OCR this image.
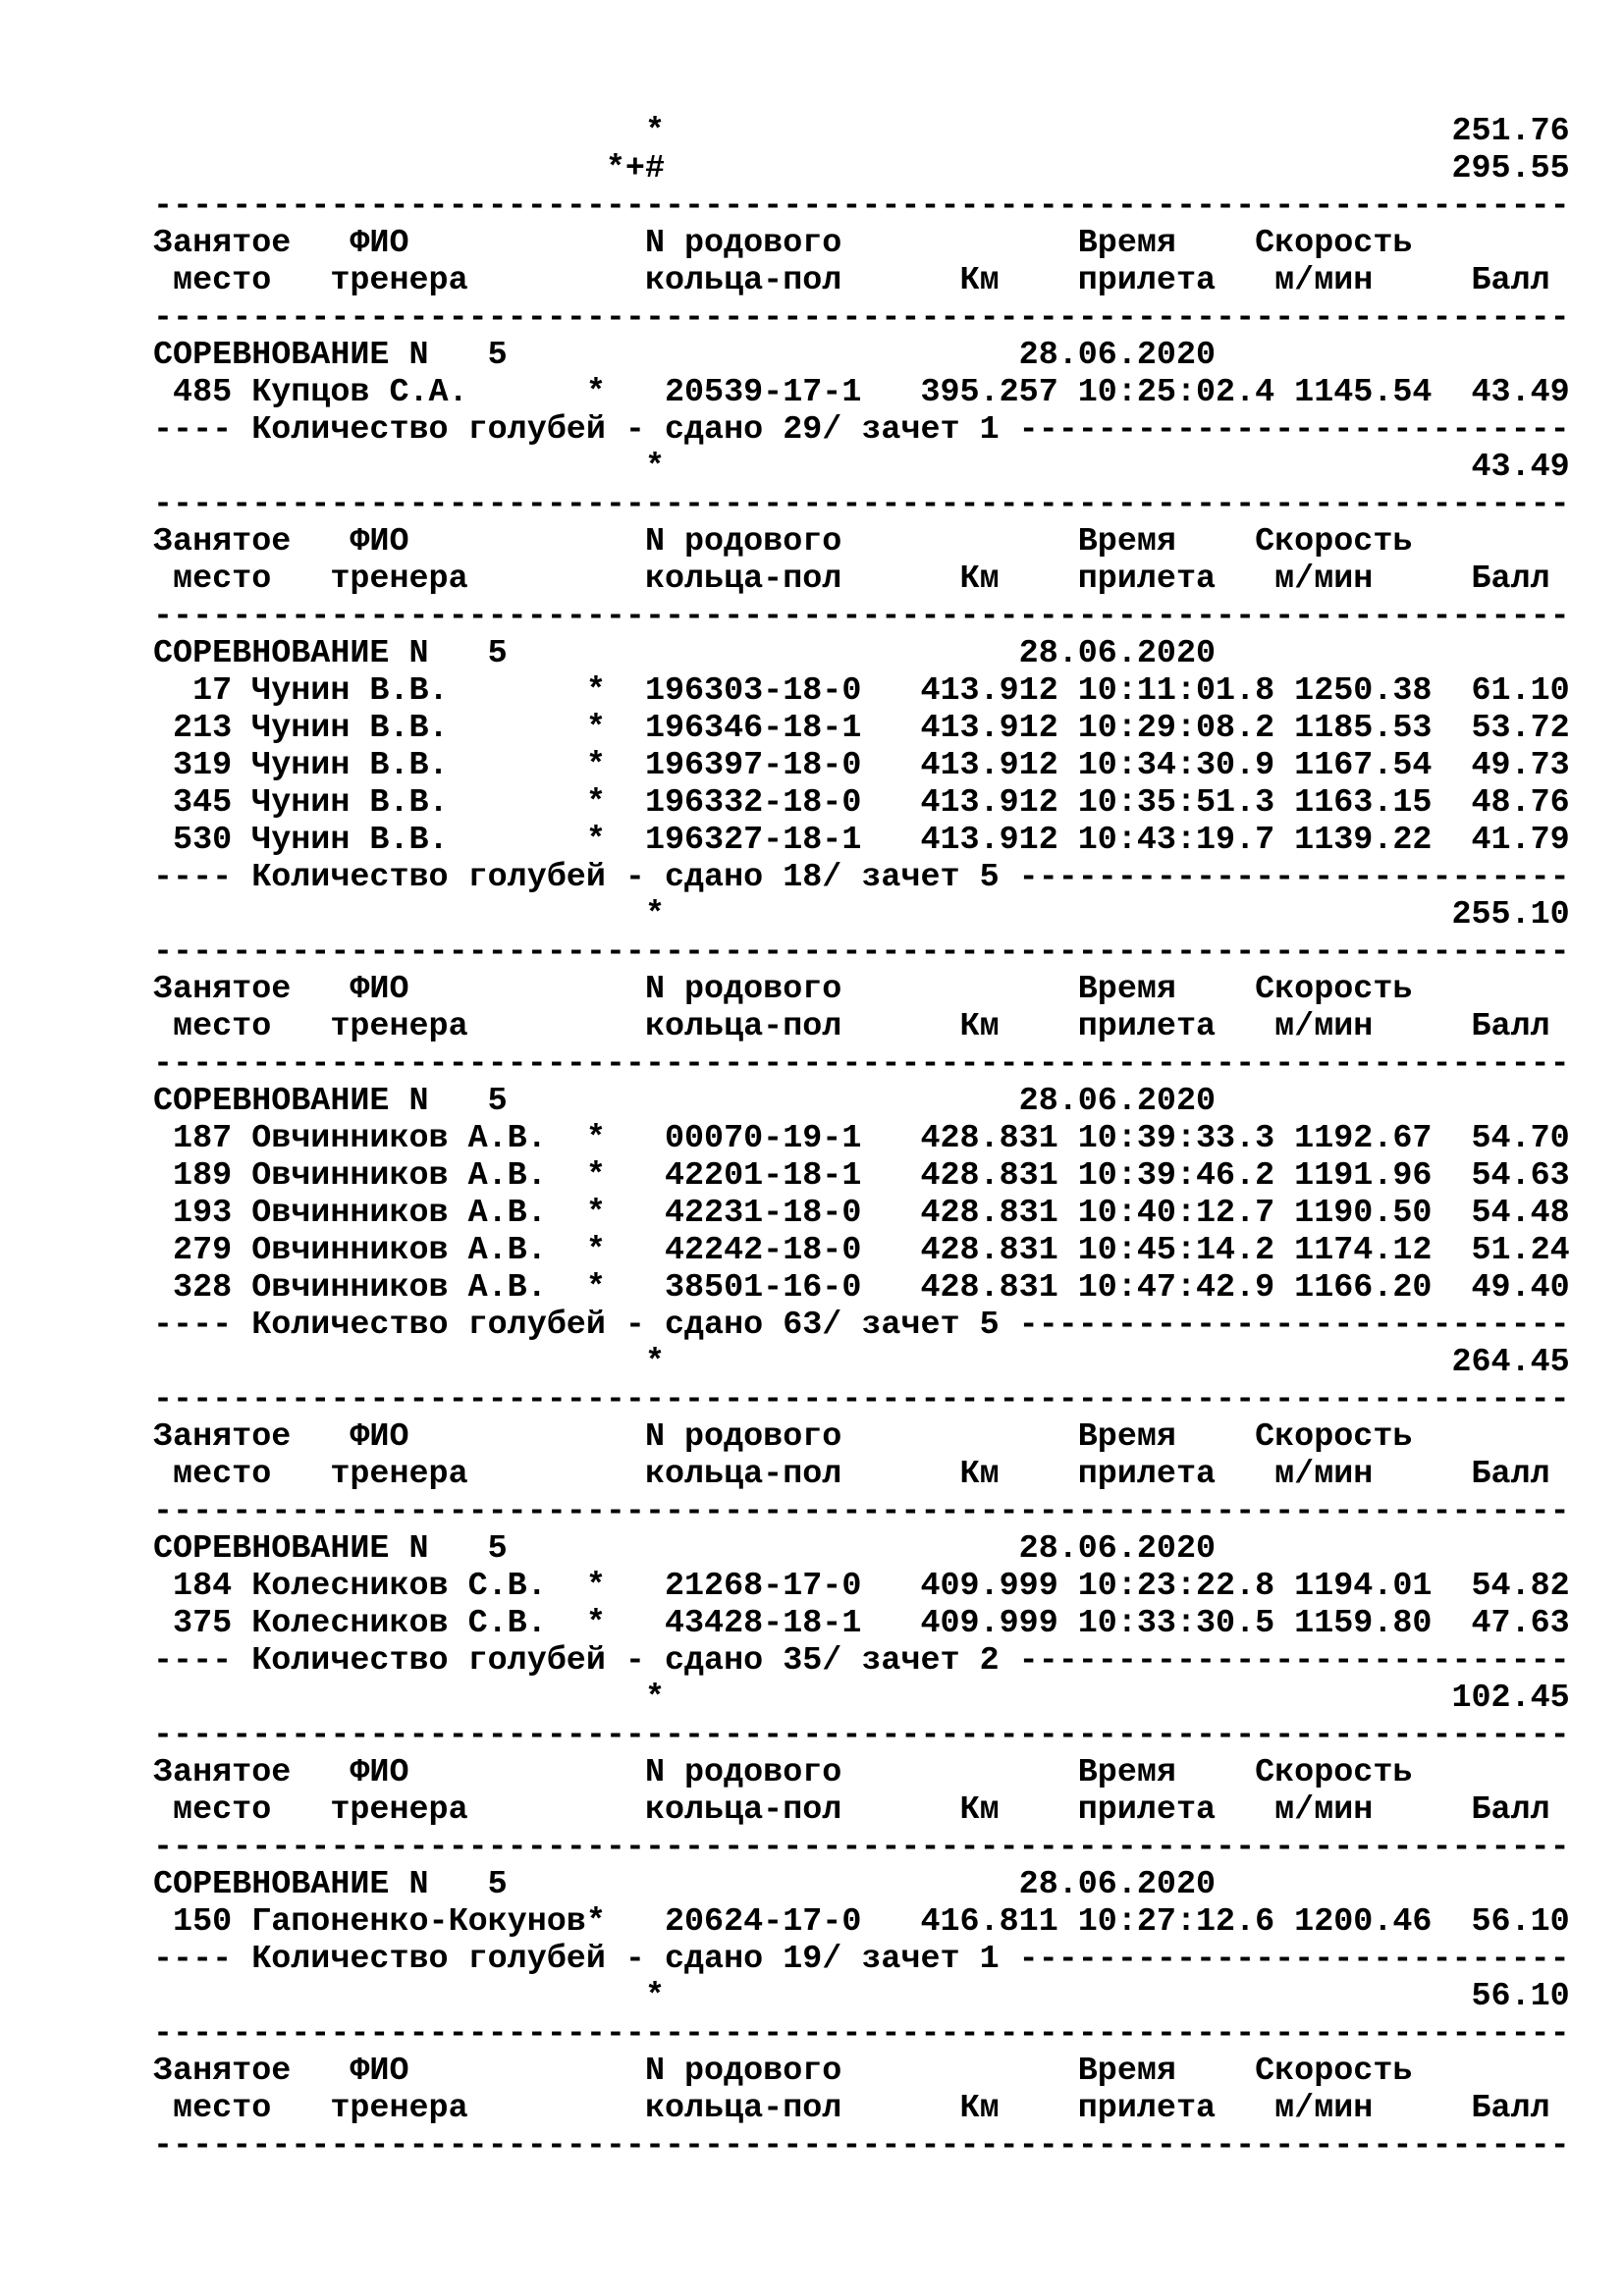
*                                        251.76
*+#                                        295.55
------------------------------------------------------------------------
Занятое   ФИО            N родового            Время    Скорость
место   тренера         кольца-пол      Км    прилета   м/мин     Балл
------------------------------------------------------------------------
СОРЕВНОВАНИЕ N   5                          28.06.2020
485 Купцов С.А.      *   20539-17-1   395.257 10:25:02.4 1145.54  43.49
---- Количество голубей - сдано 29/ зачет 1 ----------------------------
*                                         43.49
------------------------------------------------------------------------
Занятое   ФИО            N родового            Время    Скорость
место   тренера         кольца-пол      Км    прилета   м/мин     Балл
------------------------------------------------------------------------
СОРЕВНОВАНИЕ N   5                          28.06.2020
17 Чунин В.В.       *  196303-18-0   413.912 10:11:01.8 1250.38  61.10
213 Чунин В.В.       *  196346-18-1   413.912 10:29:08.2 1185.53  53.72
319 Чунин В.В.       *  196397-18-0   413.912 10:34:30.9 1167.54  49.73
345 Чунин В.В.       *  196332-18-0   413.912 10:35:51.3 1163.15  48.76
530 Чунин В.В.       *  196327-18-1   413.912 10:43:19.7 1139.22  41.79
---- Количество голубей - сдано 18/ зачет 5 ----------------------------
*                                        255.10
------------------------------------------------------------------------
Занятое   ФИО            N родового            Время    Скорость
место   тренера         кольца-пол      Км    прилета   м/мин     Балл
------------------------------------------------------------------------
СОРЕВНОВАНИЕ N   5                          28.06.2020
187 Овчинников А.В.  *   00070-19-1   428.831 10:39:33.3 1192.67  54.70
189 Овчинников А.В.  *   42201-18-1   428.831 10:39:46.2 1191.96  54.63
193 Овчинников А.В.  *   42231-18-0   428.831 10:40:12.7 1190.50  54.48
279 Овчинников А.В.  *   42242-18-0   428.831 10:45:14.2 1174.12  51.24
328 Овчинников А.В.  *   38501-16-0   428.831 10:47:42.9 1166.20  49.40
---- Количество голубей - сдано 63/ зачет 5 ----------------------------
*                                        264.45
------------------------------------------------------------------------
Занятое   ФИО            N родового            Время    Скорость
место   тренера         кольца-пол      Км    прилета   м/мин     Балл
------------------------------------------------------------------------
СОРЕВНОВАНИЕ N   5                          28.06.2020
184 Колесников С.В.  *   21268-17-0   409.999 10:23:22.8 1194.01  54.82
375 Колесников С.В.  *   43428-18-1   409.999 10:33:30.5 1159.80  47.63
---- Количество голубей - сдано 35/ зачет 2 ----------------------------
*                                        102.45
------------------------------------------------------------------------
Занятое   ФИО            N родового            Время    Скорость
место   тренера         кольца-пол      Км    прилета   м/мин     Балл
------------------------------------------------------------------------
СОРЕВНОВАНИЕ N   5                          28.06.2020
150 Гапоненко-Кокунов*   20624-17-0   416.811 10:27:12.6 1200.46  56.10
---- Количество голубей - сдано 19/ зачет 1 ----------------------------
*                                         56.10
------------------------------------------------------------------------
Занятое   ФИО            N родового            Время    Скорость
место   тренера         кольца-пол      Км    прилета   м/мин     Балл
------------------------------------------------------------------------
